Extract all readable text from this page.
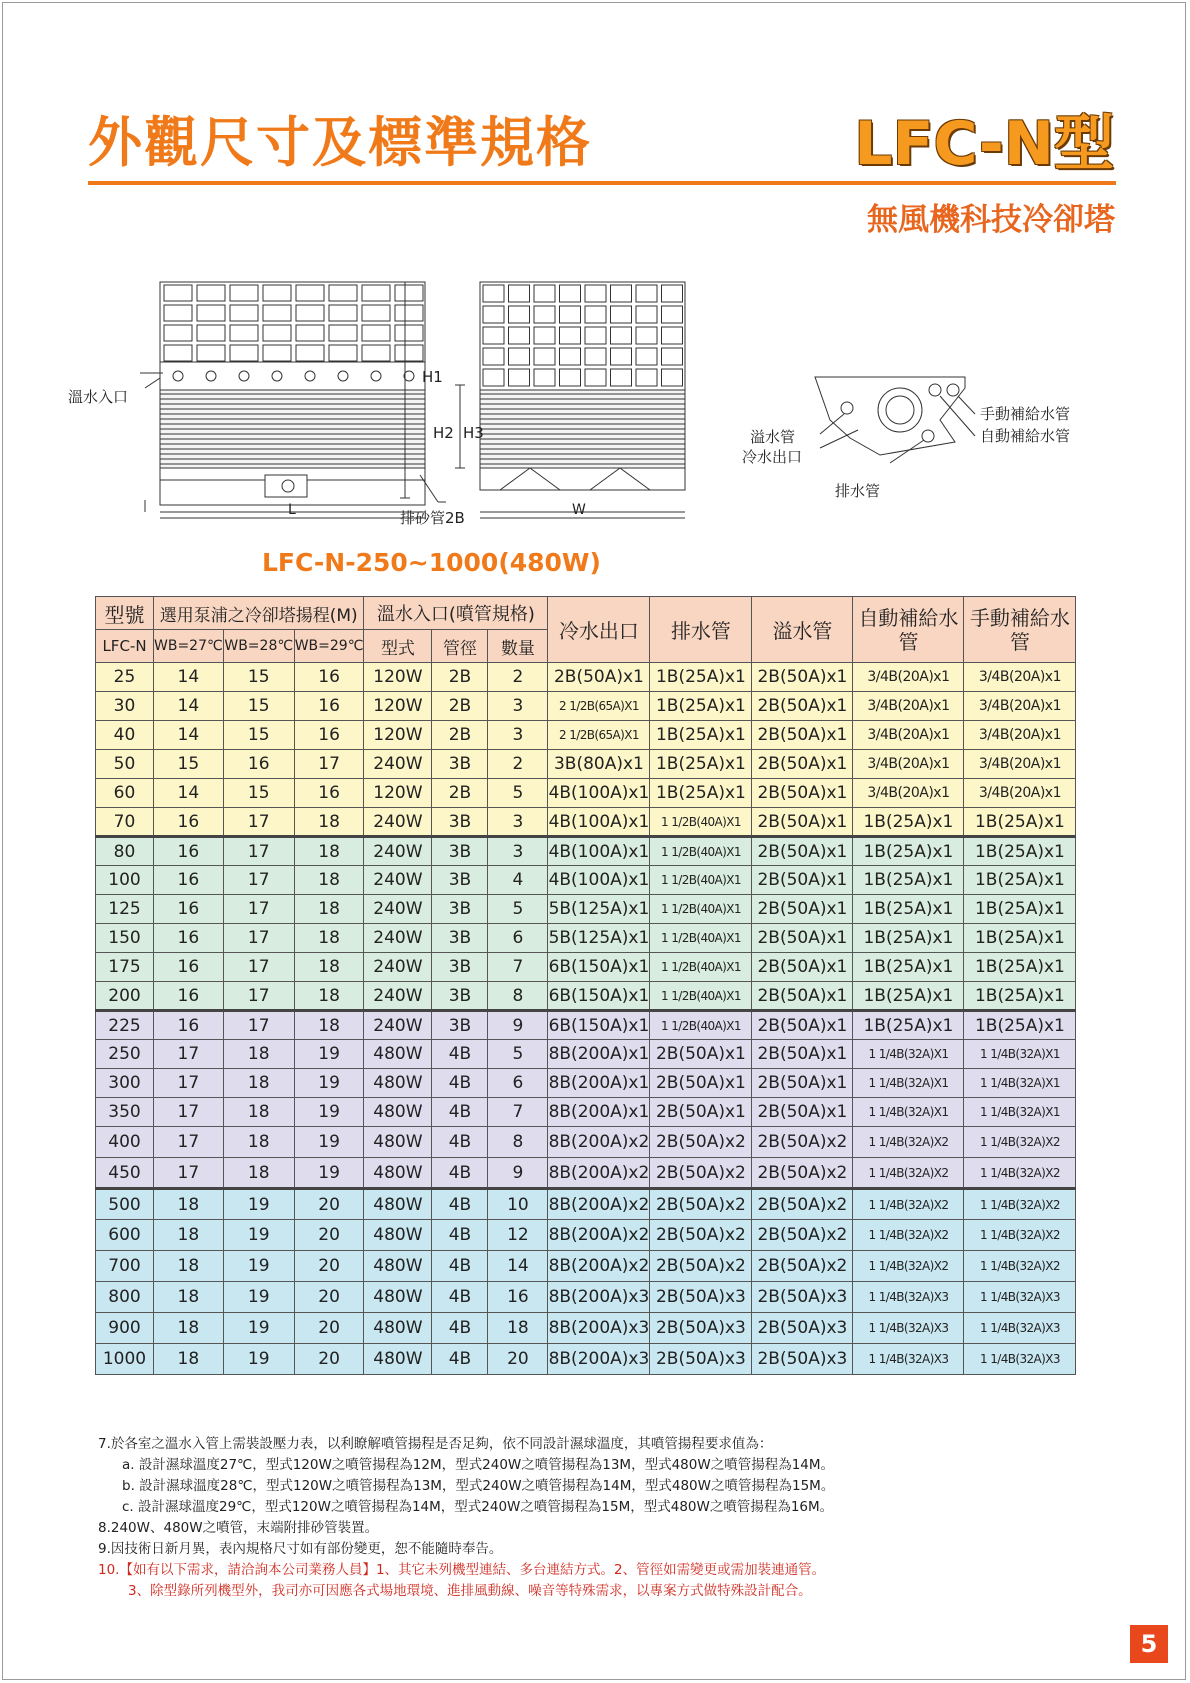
外觀尺寸及標準規格	LFC-N型
無風機科技冷卻塔
溫水入口
H1
H2 H3
L	W
排砂管2B
溢水管
冷水出口
排水管
手動補給水管
自動補給水管
LFC-N-250~1000(480W)
型號	選用泵浦之冷卻塔揚程(M)			溫水入口(噴管規格)			冷水出口	排水管	溢水管	自動補給水管	手動補給水管
LFC-N	WB=27℃	WB=28℃	WB=29℃	型式	管徑	數量					
25	14	15	16	120W	2B	2	2B(50A)x1	1B(25A)x1	2B(50A)x1	3/4B(20A)x1	3/4B(20A)x1
30	14	15	16	120W	2B	3	2 1/2B(65A)X1	1B(25A)x1	2B(50A)x1	3/4B(20A)x1	3/4B(20A)x1
40	14	15	16	120W	2B	3	2 1/2B(65A)X1	1B(25A)x1	2B(50A)x1	3/4B(20A)x1	3/4B(20A)x1
50	15	16	17	240W	3B	2	3B(80A)x1	1B(25A)x1	2B(50A)x1	3/4B(20A)x1	3/4B(20A)x1
60	14	15	16	120W	2B	5	4B(100A)x1	1B(25A)x1	2B(50A)x1	3/4B(20A)x1	3/4B(20A)x1
70	16	17	18	240W	3B	3	4B(100A)x1	1 1/2B(40A)X1	2B(50A)x1	1B(25A)x1	1B(25A)x1
80	16	17	18	240W	3B	3	4B(100A)x1	1 1/2B(40A)X1	2B(50A)x1	1B(25A)x1	1B(25A)x1
100	16	17	18	240W	3B	4	4B(100A)x1	1 1/2B(40A)X1	2B(50A)x1	1B(25A)x1	1B(25A)x1
125	16	17	18	240W	3B	5	5B(125A)x1	1 1/2B(40A)X1	2B(50A)x1	1B(25A)x1	1B(25A)x1
150	16	17	18	240W	3B	6	5B(125A)x1	1 1/2B(40A)X1	2B(50A)x1	1B(25A)x1	1B(25A)x1
175	16	17	18	240W	3B	7	6B(150A)x1	1 1/2B(40A)X1	2B(50A)x1	1B(25A)x1	1B(25A)x1
200	16	17	18	240W	3B	8	6B(150A)x1	1 1/2B(40A)X1	2B(50A)x1	1B(25A)x1	1B(25A)x1
225	16	17	18	240W	3B	9	6B(150A)x1	1 1/2B(40A)X1	2B(50A)x1	1B(25A)x1	1B(25A)x1
250	17	18	19	480W	4B	5	8B(200A)x1	2B(50A)x1	2B(50A)x1	1 1/4B(32A)X1	1 1/4B(32A)X1
300	17	18	19	480W	4B	6	8B(200A)x1	2B(50A)x1	2B(50A)x1	1 1/4B(32A)X1	1 1/4B(32A)X1
350	17	18	19	480W	4B	7	8B(200A)x1	2B(50A)x1	2B(50A)x1	1 1/4B(32A)X1	1 1/4B(32A)X1
400	17	18	19	480W	4B	8	8B(200A)x2	2B(50A)x2	2B(50A)x2	1 1/4B(32A)X2	1 1/4B(32A)X2
450	17	18	19	480W	4B	9	8B(200A)x2	2B(50A)x2	2B(50A)x2	1 1/4B(32A)X2	1 1/4B(32A)X2
500	18	19	20	480W	4B	10	8B(200A)x2	2B(50A)x2	2B(50A)x2	1 1/4B(32A)X2	1 1/4B(32A)X2
600	18	19	20	480W	4B	12	8B(200A)x2	2B(50A)x2	2B(50A)x2	1 1/4B(32A)X2	1 1/4B(32A)X2
700	18	19	20	480W	4B	14	8B(200A)x2	2B(50A)x2	2B(50A)x2	1 1/4B(32A)X2	1 1/4B(32A)X2
800	18	19	20	480W	4B	16	8B(200A)x3	2B(50A)x3	2B(50A)x3	1 1/4B(32A)X3	1 1/4B(32A)X3
900	18	19	20	480W	4B	18	8B(200A)x3	2B(50A)x3	2B(50A)x3	1 1/4B(32A)X3	1 1/4B(32A)X3
1000	18	19	20	480W	4B	20	8B(200A)x3	2B(50A)x3	2B(50A)x3	1 1/4B(32A)X3	1 1/4B(32A)X3
7.於各室之溫水入管上需裝設壓力表，以利瞭解噴管揚程是否足夠，依不同設計濕球溫度，其噴管揚程要求值為：
a. 設計濕球溫度27℃，型式120W之噴管揚程為12M，型式240W之噴管揚程為13M，型式480W之噴管揚程為14M。
b. 設計濕球溫度28℃，型式120W之噴管揚程為13M，型式240W之噴管揚程為14M，型式480W之噴管揚程為15M。
c. 設計濕球溫度29℃，型式120W之噴管揚程為14M，型式240W之噴管揚程為15M，型式480W之噴管揚程為16M。
8.240W、480W之噴管，末端附排砂管裝置。
9.因技術日新月異，表內規格尺寸如有部份變更，恕不能隨時奉告。
10.【如有以下需求，請洽詢本公司業務人員】1、其它未列機型連結、多台連結方式。2、管徑如需變更或需加裝連通管。
3、除型錄所列機型外，我司亦可因應各式場地環境、進排風動線、噪音等特殊需求，以專案方式做特殊設計配合。
5
